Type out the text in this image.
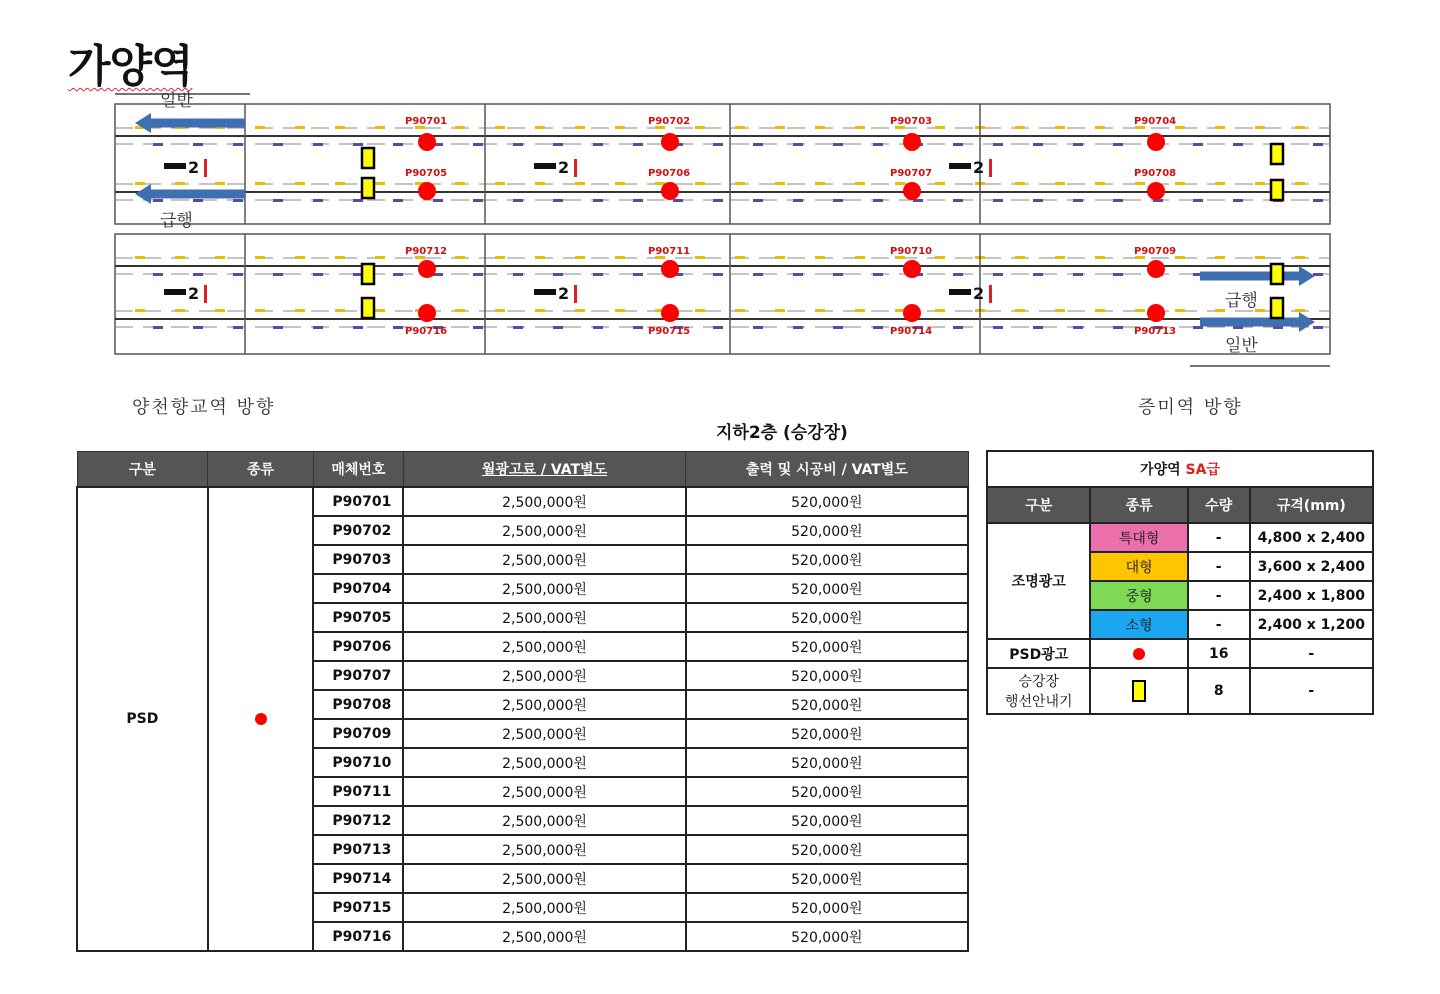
가양역
일반
급행
급행
일반
2	2	2
2	2	2
P90701	P90702	P90703	P90704
P90705	P90706	P90707	P90708
P90712	P90711	P90710	P90709
P90716	P90715	P90714	P90713
양천향교역 방향	증미역 방향
지하2층 (승강장)
구분	종류	매체번호	월광고료 / VAT별도	출력 및 시공비 / VAT별도
PSD		P90701	2,500,000원	520,000원
		P90702	2,500,000원	520,000원
		P90703	2,500,000원	520,000원
		P90704	2,500,000원	520,000원
		P90705	2,500,000원	520,000원
		P90706	2,500,000원	520,000원
		P90707	2,500,000원	520,000원
		P90708	2,500,000원	520,000원
		P90709	2,500,000원	520,000원
		P90710	2,500,000원	520,000원
		P90711	2,500,000원	520,000원
		P90712	2,500,000원	520,000원
		P90713	2,500,000원	520,000원
		P90714	2,500,000원	520,000원
		P90715	2,500,000원	520,000원
		P90716	2,500,000원	520,000원
가양역 SA급			
구분	종류	수량	규격(mm)
조명광고	특대형	-	4,800 x 2,400
	대형	-	3,600 x 2,400
	중형	-	2,400 x 1,800
	소형	-	2,400 x 1,200
PSD광고		16	-

승강장
행선안내기		8	-
